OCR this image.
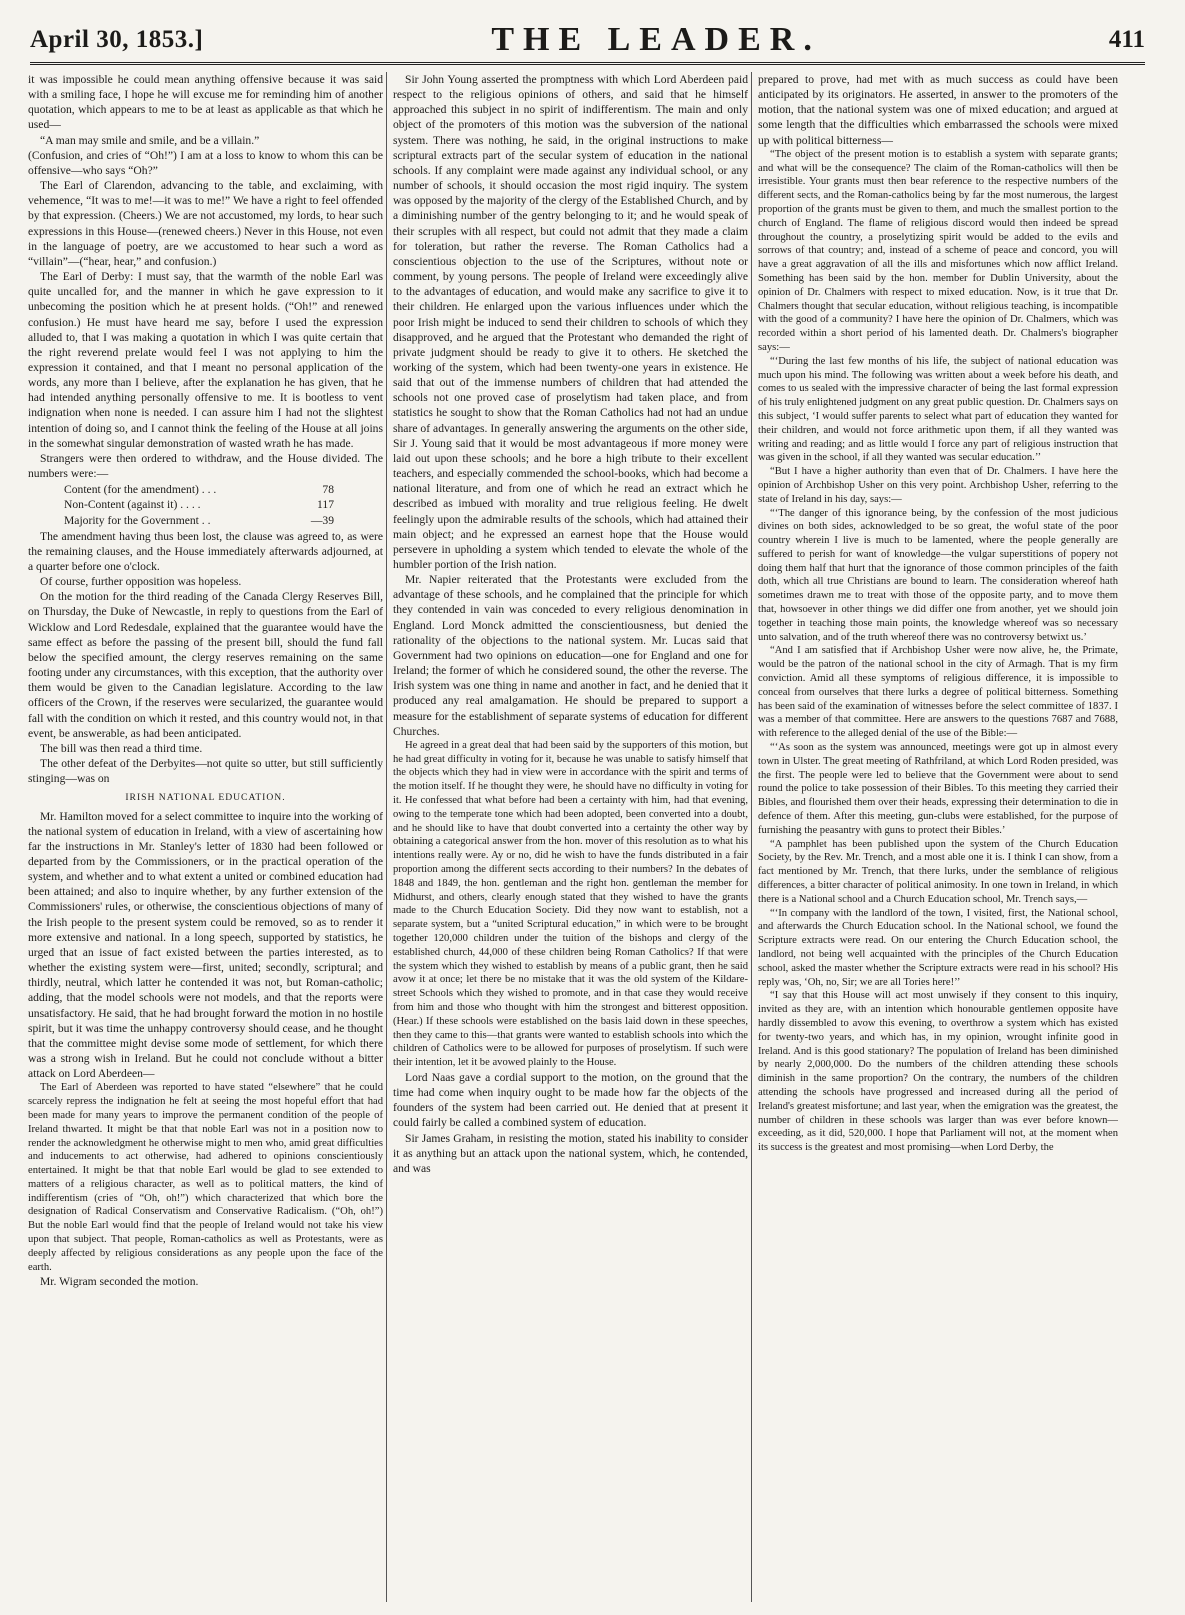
April 30, 1853.]	THE LEADER.	411

it was impossible he could mean anything offensive because it was said with a smiling face, I hope he will excuse me for reminding him of another quotation, which appears to me to be at least as applicable as that which he used—

“A man may smile and smile, and be a villain.”

(Confusion, and cries of “Oh!”) I am at a loss to know to whom this can be offensive—who says “Oh?”

The Earl of Clarendon, advancing to the table, and exclaiming, with vehemence, “It was to me!—it was to me!” We have a right to feel offended by that expression. (Cheers.) We are not accustomed, my lords, to hear such expressions in this House—(renewed cheers.) Never in this House, not even in the language of poetry, are we accustomed to hear such a word as “villain”—(“hear, hear,” and confusion.)

The Earl of Derby: I must say, that the warmth of the noble Earl was quite uncalled for, and the manner in which he gave expression to it unbecoming the position which he at present holds. (“Oh!” and renewed confusion.) He must have heard me say, before I used the expression alluded to, that I was making a quotation in which I was quite certain that the right reverend prelate would feel I was not applying to him the expression it contained, and that I meant no personal application of the words, any more than I believe, after the explanation he has given, that he had intended anything personally offensive to me. It is bootless to vent indignation when none is needed. I can assure him I had not the slightest intention of doing so, and I cannot think the feeling of the House at all joins in the somewhat singular demonstration of wasted wrath he has made.

Strangers were then ordered to withdraw, and the House divided. The numbers were:—

Content (for the amendment) . . .	78
Non-Content (against it) . . . .	117
Majority for the Government . .	—39

The amendment having thus been lost, the clause was agreed to, as were the remaining clauses, and the House immediately afterwards adjourned, at a quarter before one o'clock.

Of course, further opposition was hopeless.

On the motion for the third reading of the Canada Clergy Reserves Bill, on Thursday, the Duke of Newcastle, in reply to questions from the Earl of Wicklow and Lord Redesdale, explained that the guarantee would have the same effect as before the passing of the present bill, should the fund fall below the specified amount, the clergy reserves remaining on the same footing under any circumstances, with this exception, that the authority over them would be given to the Canadian legislature. According to the law officers of the Crown, if the reserves were secularized, the guarantee would fall with the condition on which it rested, and this country would not, in that event, be answerable, as had been anticipated.

The bill was then read a third time.

The other defeat of the Derbyites—not quite so utter, but still sufficiently stinging—was on

IRISH NATIONAL EDUCATION.

Mr. Hamilton moved for a select committee to inquire into the working of the national system of education in Ireland, with a view of ascertaining how far the instructions in Mr. Stanley's letter of 1830 had been followed or departed from by the Commissioners, or in the practical operation of the system, and whether and to what extent a united or combined education had been attained; and also to inquire whether, by any further extension of the Commissioners' rules, or otherwise, the conscientious objections of many of the Irish people to the present system could be removed, so as to render it more extensive and national. In a long speech, supported by statistics, he urged that an issue of fact existed between the parties interested, as to whether the existing system were—first, united; secondly, scriptural; and thirdly, neutral, which latter he contended it was not, but Roman-catholic; adding, that the model schools were not models, and that the reports were unsatisfactory. He said, that he had brought forward the motion in no hostile spirit, but it was time the unhappy controversy should cease, and he thought that the committee might devise some mode of settlement, for which there was a strong wish in Ireland. But he could not conclude without a bitter attack on Lord Aberdeen—

The Earl of Aberdeen was reported to have stated “elsewhere” that he could scarcely repress the indignation he felt at seeing the most hopeful effort that had been made for many years to improve the permanent condition of the people of Ireland thwarted. It might be that that noble Earl was not in a position now to render the acknowledgment he otherwise might to men who, amid great difficulties and inducements to act otherwise, had adhered to opinions conscientiously entertained. It might be that that noble Earl would be glad to see extended to matters of a religious character, as well as to political matters, the kind of indifferentism (cries of “Oh, oh!”) which characterized that which bore the designation of Radical Conservatism and Conservative Radicalism. (“Oh, oh!”) But the noble Earl would find that the people of Ireland would not take his view upon that subject. That people, Roman-catholics as well as Protestants, were as deeply affected by religious considerations as any people upon the face of the earth.

Mr. Wigram seconded the motion.

Sir John Young asserted the promptness with which Lord Aberdeen paid respect to the religious opinions of others, and said that he himself approached this subject in no spirit of indifferentism. The main and only object of the promoters of this motion was the subversion of the national system. There was nothing, he said, in the original instructions to make scriptural extracts part of the secular system of education in the national schools. If any complaint were made against any individual school, or any number of schools, it should occasion the most rigid inquiry. The system was opposed by the majority of the clergy of the Established Church, and by a diminishing number of the gentry belonging to it; and he would speak of their scruples with all respect, but could not admit that they made a claim for toleration, but rather the reverse. The Roman Catholics had a conscientious objection to the use of the Scriptures, without note or comment, by young persons. The people of Ireland were exceedingly alive to the advantages of education, and would make any sacrifice to give it to their children. He enlarged upon the various influences under which the poor Irish might be induced to send their children to schools of which they disapproved, and he argued that the Protestant who demanded the right of private judgment should be ready to give it to others. He sketched the working of the system, which had been twenty-one years in existence. He said that out of the immense numbers of children that had attended the schools not one proved case of proselytism had taken place, and from statistics he sought to show that the Roman Catholics had not had an undue share of advantages. In generally answering the arguments on the other side, Sir J. Young said that it would be most advantageous if more money were laid out upon these schools; and he bore a high tribute to their excellent teachers, and especially commended the school-books, which had become a national literature, and from one of which he read an extract which he described as imbued with morality and true religious feeling. He dwelt feelingly upon the admirable results of the schools, which had attained their main object; and he expressed an earnest hope that the House would persevere in upholding a system which tended to elevate the whole of the humbler portion of the Irish nation.

Mr. Napier reiterated that the Protestants were excluded from the advantage of these schools, and he complained that the principle for which they contended in vain was conceded to every religious denomination in England. Lord Monck admitted the conscientiousness, but denied the rationality of the objections to the national system. Mr. Lucas said that Government had two opinions on education—one for England and one for Ireland; the former of which he considered sound, the other the reverse. The Irish system was one thing in name and another in fact, and he denied that it produced any real amalgamation. He should be prepared to support a measure for the establishment of separate systems of education for different Churches.

He agreed in a great deal that had been said by the supporters of this motion, but he had great difficulty in voting for it, because he was unable to satisfy himself that the objects which they had in view were in accordance with the spirit and terms of the motion itself. If he thought they were, he should have no difficulty in voting for it. He confessed that what before had been a certainty with him, had that evening, owing to the temperate tone which had been adopted, been converted into a doubt, and he should like to have that doubt converted into a certainty the other way by obtaining a categorical answer from the hon. mover of this resolution as to what his intentions really were. Ay or no, did he wish to have the funds distributed in a fair proportion among the different sects according to their numbers? In the debates of 1848 and 1849, the hon. gentleman and the right hon. gentleman the member for Midhurst, and others, clearly enough stated that they wished to have the grants made to the Church Education Society. Did they now want to establish, not a separate system, but a “united Scriptural education,” in which were to be brought together 120,000 children under the tuition of the bishops and clergy of the established church, 44,000 of these children being Roman Catholics? If that were the system which they wished to establish by means of a public grant, then he said avow it at once; let there be no mistake that it was the old system of the Kildare-street Schools which they wished to promote, and in that case they would receive from him and those who thought with him the strongest and bitterest opposition. (Hear.) If these schools were established on the basis laid down in these speeches, then they came to this—that grants were wanted to establish schools into which the children of Catholics were to be allowed for purposes of proselytism. If such were their intention, let it be avowed plainly to the House.

Lord Naas gave a cordial support to the motion, on the ground that the time had come when inquiry ought to be made how far the objects of the founders of the system had been carried out. He denied that at present it could fairly be called a combined system of education.

Sir James Graham, in resisting the motion, stated his inability to consider it as anything but an attack upon the national system, which, he contended, and was

prepared to prove, had met with as much success as could have been anticipated by its originators. He asserted, in answer to the promoters of the motion, that the national system was one of mixed education; and argued at some length that the difficulties which embarrassed the schools were mixed up with political bitterness—

“The object of the present motion is to establish a system with separate grants; and what will be the consequence? The claim of the Roman-catholics will then be irresistible. Your grants must then bear reference to the respective numbers of the different sects, and the Roman-catholics being by far the most numerous, the largest proportion of the grants must be given to them, and much the smallest portion to the church of England. The flame of religious discord would then indeed be spread throughout the country, a proselytizing spirit would be added to the evils and sorrows of that country; and, instead of a scheme of peace and concord, you will have a great aggravation of all the ills and misfortunes which now afflict Ireland. Something has been said by the hon. member for Dublin University, about the opinion of Dr. Chalmers with respect to mixed education. Now, is it true that Dr. Chalmers thought that secular education, without religious teaching, is incompatible with the good of a community? I have here the opinion of Dr. Chalmers, which was recorded within a short period of his lamented death. Dr. Chalmers's biographer says:—

“‘During the last few months of his life, the subject of national education was much upon his mind. The following was written about a week before his death, and comes to us sealed with the impressive character of being the last formal expression of his truly enlightened judgment on any great public question. Dr. Chalmers says on this subject, ‘I would suffer parents to select what part of education they wanted for their children, and would not force arithmetic upon them, if all they wanted was writing and reading; and as little would I force any part of religious instruction that was given in the school, if all they wanted was secular education.’’

“But I have a higher authority than even that of Dr. Chalmers. I have here the opinion of Archbishop Usher on this very point. Archbishop Usher, referring to the state of Ireland in his day, says:—

“‘The danger of this ignorance being, by the confession of the most judicious divines on both sides, acknowledged to be so great, the woful state of the poor country wherein I live is much to be lamented, where the people generally are suffered to perish for want of knowledge—the vulgar superstitions of popery not doing them half that hurt that the ignorance of those common principles of the faith doth, which all true Christians are bound to learn. The consideration whereof hath sometimes drawn me to treat with those of the opposite party, and to move them that, howsoever in other things we did differ one from another, yet we should join together in teaching those main points, the knowledge whereof was so necessary unto salvation, and of the truth whereof there was no controversy betwixt us.’

“And I am satisfied that if Archbishop Usher were now alive, he, the Primate, would be the patron of the national school in the city of Armagh. That is my firm conviction. Amid all these symptoms of religious difference, it is impossible to conceal from ourselves that there lurks a degree of political bitterness. Something has been said of the examination of witnesses before the select committee of 1837. I was a member of that committee. Here are answers to the questions 7687 and 7688, with reference to the alleged denial of the use of the Bible:—

“‘As soon as the system was announced, meetings were got up in almost every town in Ulster. The great meeting of Rathfriland, at which Lord Roden presided, was the first. The people were led to believe that the Government were about to send round the police to take possession of their Bibles. To this meeting they carried their Bibles, and flourished them over their heads, expressing their determination to die in defence of them. After this meeting, gun-clubs were established, for the purpose of furnishing the peasantry with guns to protect their Bibles.’

“A pamphlet has been published upon the system of the Church Education Society, by the Rev. Mr. Trench, and a most able one it is. I think I can show, from a fact mentioned by Mr. Trench, that there lurks, under the semblance of religious differences, a bitter character of political animosity. In one town in Ireland, in which there is a National school and a Church Education school, Mr. Trench says,—

“‘In company with the landlord of the town, I visited, first, the National school, and afterwards the Church Education school. In the National school, we found the Scripture extracts were read. On our entering the Church Education school, the landlord, not being well acquainted with the principles of the Church Education school, asked the master whether the Scripture extracts were read in his school? His reply was, ‘Oh, no, Sir; we are all Tories here!’’

“I say that this House will act most unwisely if they consent to this inquiry, invited as they are, with an intention which honourable gentlemen opposite have hardly dissembled to avow this evening, to overthrow a system which has existed for twenty-two years, and which has, in my opinion, wrought infinite good in Ireland. And is this good stationary? The population of Ireland has been diminished by nearly 2,000,000. Do the numbers of the children attending these schools diminish in the same proportion? On the contrary, the numbers of the children attending the schools have progressed and increased during all the period of Ireland's greatest misfortune; and last year, when the emigration was the greatest, the number of children in these schools was larger than was ever before known—exceeding, as it did, 520,000. I hope that Parliament will not, at the moment when its success is the greatest and most promising—when Lord Derby, the
